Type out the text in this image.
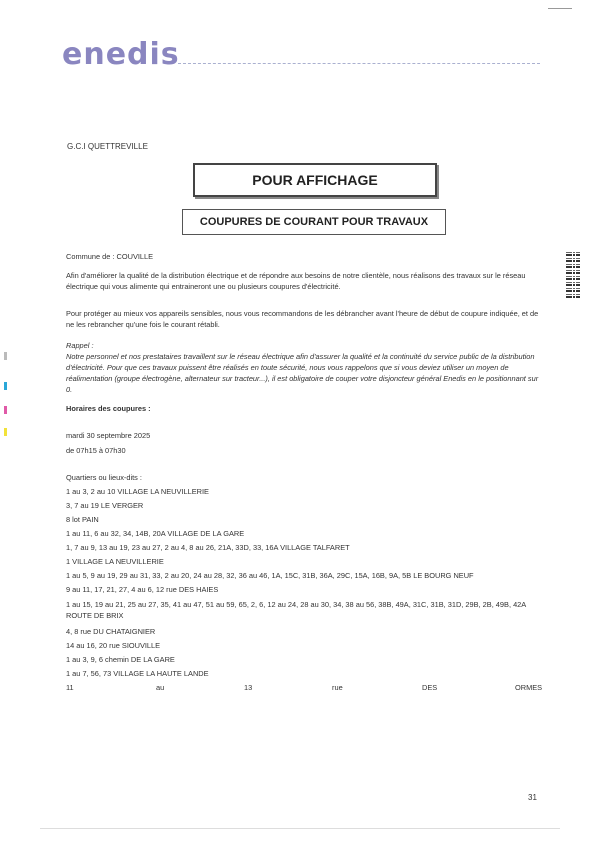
enedis
G.C.I QUETTREVILLE
POUR AFFICHAGE
COUPURES DE COURANT POUR TRAVAUX
Commune de : COUVILLE
Afin d'améliorer la qualité de la distribution électrique et de répondre aux besoins de notre clientèle, nous réalisons des travaux sur le réseau électrique qui vous alimente qui entraineront une ou plusieurs coupures d'électricité.
Pour protéger au mieux vos appareils sensibles, nous vous recommandons de les débrancher avant l'heure de début de coupure indiquée, et de ne les rebrancher qu'une fois le courant rétabli.
Rappel :
Notre personnel et nos prestataires travaillent sur le réseau électrique afin d'assurer la qualité et la continuité du service public de la distribution d'électricité. Pour que ces travaux puissent être réalisés en toute sécurité, nous vous rappelons que si vous deviez utiliser un moyen de réalimentation (groupe électrogène, alternateur sur tracteur...), il est obligatoire de couper votre disjoncteur général Enedis en le positionnant sur 0.
Horaires des coupures :
mardi 30 septembre 2025
de 07h15 à 07h30
Quartiers ou lieux-dits :
1 au 3, 2 au 10 VILLAGE LA NEUVILLERIE
3, 7 au 19 LE VERGER
8 lot PAIN
1 au 11, 6 au 32, 34, 14B, 20A VILLAGE DE LA GARE
1, 7 au 9, 13 au 19, 23 au 27, 2 au 4, 8 au 26, 21A, 33D, 33, 16A VILLAGE TALFARET
1 VILLAGE LA NEUVILLERIE
1 au 5, 9 au 19, 29 au 31, 33, 2 au 20, 24 au 28, 32, 36 au 46, 1A, 15C, 31B, 36A, 29C, 15A, 16B, 9A, 5B LE BOURG NEUF
9 au 11, 17, 21, 27, 4 au 6, 12 rue DES HAIES
1 au 15, 19 au 21, 25 au 27, 35, 41 au 47, 51 au 59, 65, 2, 6, 12 au 24, 28 au 30, 34, 38 au 56, 38B, 49A, 31C, 31B, 31D, 29B, 2B, 49B, 42A ROUTE DE BRIX
4, 8 rue DU CHATAIGNIER
14 au 16, 20 rue SIOUVILLE
1 au 3, 9, 6 chemin DE LA GARE
1 au 7, 56, 73 VILLAGE LA HAUTE LANDE
11	au	13	rue	DES	ORMES
31
